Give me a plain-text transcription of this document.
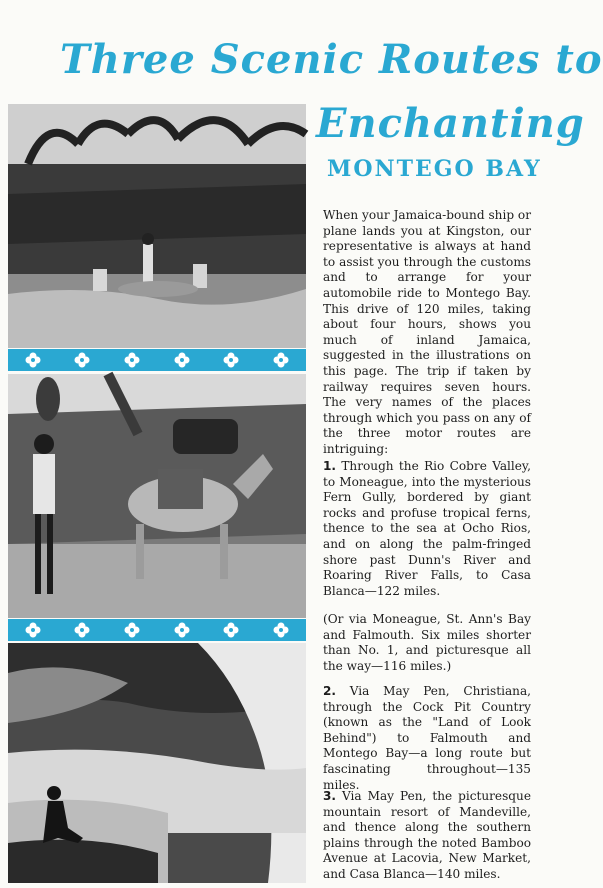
Three Scenic Routes to
Enchanting
MONTEGO BAY

When your Jamaica-bound ship or plane lands you at Kingston, our representative is always at hand to assist you through the customs and to arrange for your automobile ride to Montego Bay. This drive of 120 miles, taking about four hours, shows you much of inland Jamaica, suggested in the illustrations on this page. The trip if taken by railway requires seven hours. The very names of the places through which you pass on any of the three motor routes are intriguing:

1. Through the Rio Cobre Valley, to Moneague, into the mysterious Fern Gully, bordered by giant rocks and profuse tropical ferns, thence to the sea at Ocho Rios, and on along the palm-fringed shore past Dunn's River and Roaring River Falls, to Casa Blanca—122 miles.

(Or via Moneague, St. Ann's Bay and Falmouth. Six miles shorter than No. 1, and picturesque all the way—116 miles.)

2. Via May Pen, Christiana, through the Cock Pit Country (known as the "Land of Look Behind") to Falmouth and Montego Bay—a long route but fascinating throughout—135 miles.

3. Via May Pen, the picturesque mountain resort of Mandeville, and thence along the southern plains through the noted Bamboo Avenue at Lacovia, New Market, and Casa Blanca—140 miles.
